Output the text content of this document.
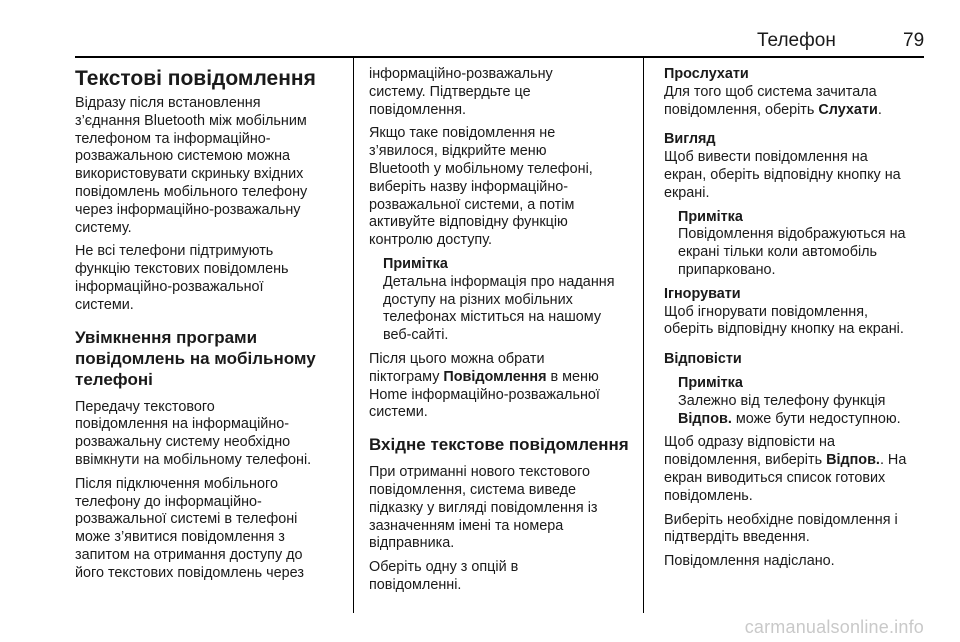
Телефон	79
Текстові повідомлення

Відразу після встановлення
з’єднання Bluetooth між мобільним
телефоном та інформаційно-
розважальною системою можна
використовувати скриньку вхідних
повідомлень мобільного телефону
через інформаційно-розважальну
систему.

Не всі телефони підтримують
функцію текстових повідомлень
інформаційно-розважальної
системи.

Увімкнення програми
повідомлень на мобільному
телефоні

Передачу текстового
повідомлення на інформаційно-
розважальну систему необхідно
ввімкнути на мобільному телефоні.

Після підключення мобільного
телефону до інформаційно-
розважальної системі в телефоні
може з’явитися повідомлення з
запитом на отримання доступу до
його текстових повідомлень через

інформаційно-розважальну
систему. Підтвердьте це
повідомлення.

Якщо таке повідомлення не
з’явилося, відкрийте меню
Bluetooth у мобільному телефоні,
виберіть назву інформаційно-
розважальної системи, а потім
активуйте відповідну функцію
контролю доступу.

Примітка
Детальна інформація про надання
доступу на різних мобільних
телефонах міститься на нашому
веб-сайті.

Після цього можна обрати
піктограму Повідомлення в меню
Home інформаційно-розважальної
системи.

Вхідне текстове повідомлення

При отриманні нового текстового
повідомлення, система виведе
підказку у вигляді повідомлення із
зазначенням імені та номера
відправника.

Оберіть одну з опцій в
повідомленні.

Прослухати
Для того щоб система зачитала
повідомлення, оберіть Слухати.

Вигляд
Щоб вивести повідомлення на
екран, оберіть відповідну кнопку на
екрані.

Примітка
Повідомлення відображуються на
екрані тільки коли автомобіль
припарковано.

Ігнорувати
Щоб ігнорувати повідомлення,
оберіть відповідну кнопку на екрані.

Відповісти

Примітка
Залежно від телефону функція
Відпов. може бути недоступною.

Щоб одразу відповісти на
повідомлення, виберіть Відпов.. На
екран виводиться список готових
повідомлень.

Виберіть необхідне повідомлення і
підтвердіть введення.

Повідомлення надіслано.

carmanualsonline.info
